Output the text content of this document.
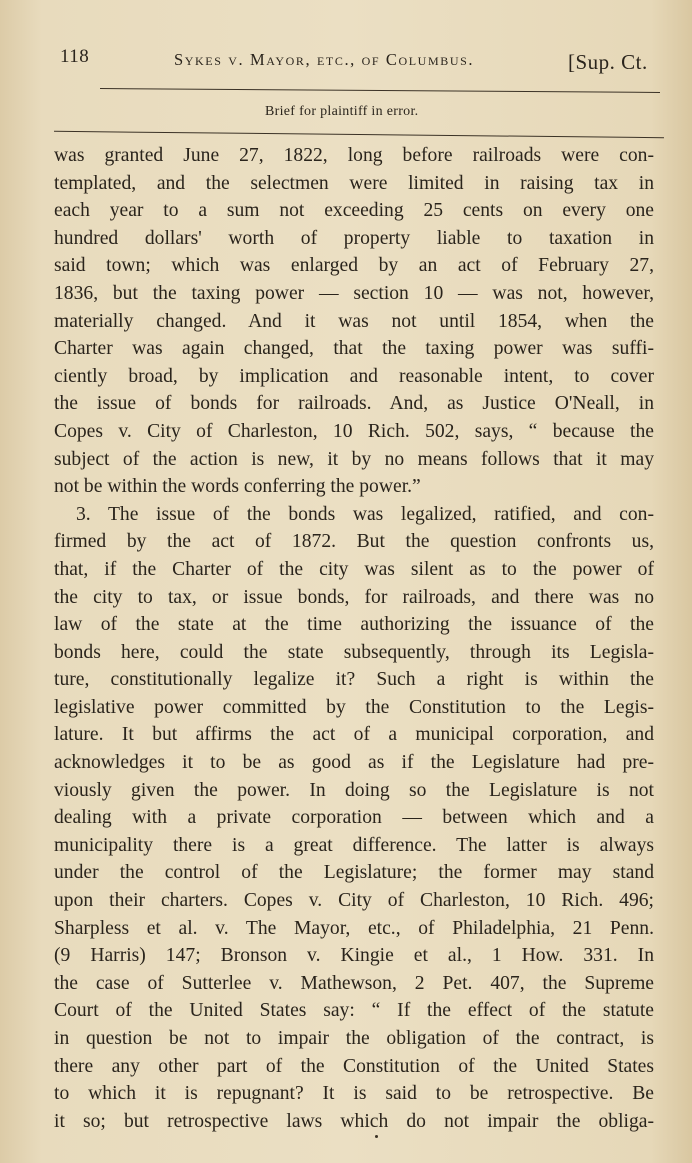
118	Sykes v. Mayor, etc., of Columbus.	[Sup. Ct.
Brief for plaintiff in error.
was granted June 27, 1822, long before railroads were con-
templated, and the selectmen were limited in raising tax in
each year to a sum not exceeding 25 cents on every one
hundred dollars' worth of property liable to taxation in
said town; which was enlarged by an act of February 27,
1836, but the taxing power — section 10 — was not, however,
materially changed. And it was not until 1854, when the
Charter was again changed, that the taxing power was suffi-
ciently broad, by implication and reasonable intent, to cover
the issue of bonds for railroads. And, as Justice O'Neall, in
Copes v. City of Charleston, 10 Rich. 502, says, “ because the
subject of the action is new, it by no means follows that it may
not be within the words conferring the power.”
3. The issue of the bonds was legalized, ratified, and con-
firmed by the act of 1872. But the question confronts us,
that, if the Charter of the city was silent as to the power of
the city to tax, or issue bonds, for railroads, and there was no
law of the state at the time authorizing the issuance of the
bonds here, could the state subsequently, through its Legisla-
ture, constitutionally legalize it? Such a right is within the
legislative power committed by the Constitution to the Legis-
lature. It but affirms the act of a municipal corporation, and
acknowledges it to be as good as if the Legislature had pre-
viously given the power. In doing so the Legislature is not
dealing with a private corporation — between which and a
municipality there is a great difference. The latter is always
under the control of the Legislature; the former may stand
upon their charters. Copes v. City of Charleston, 10 Rich. 496;
Sharpless et al. v. The Mayor, etc., of Philadelphia, 21 Penn.
(9 Harris) 147; Bronson v. Kingie et al., 1 How. 331. In
the case of Sutterlee v. Mathewson, 2 Pet. 407, the Supreme
Court of the United States say: “ If the effect of the statute
in question be not to impair the obligation of the contract, is
there any other part of the Constitution of the United States
to which it is repugnant? It is said to be retrospective. Be
it so; but retrospective laws which do not impair the obliga-
